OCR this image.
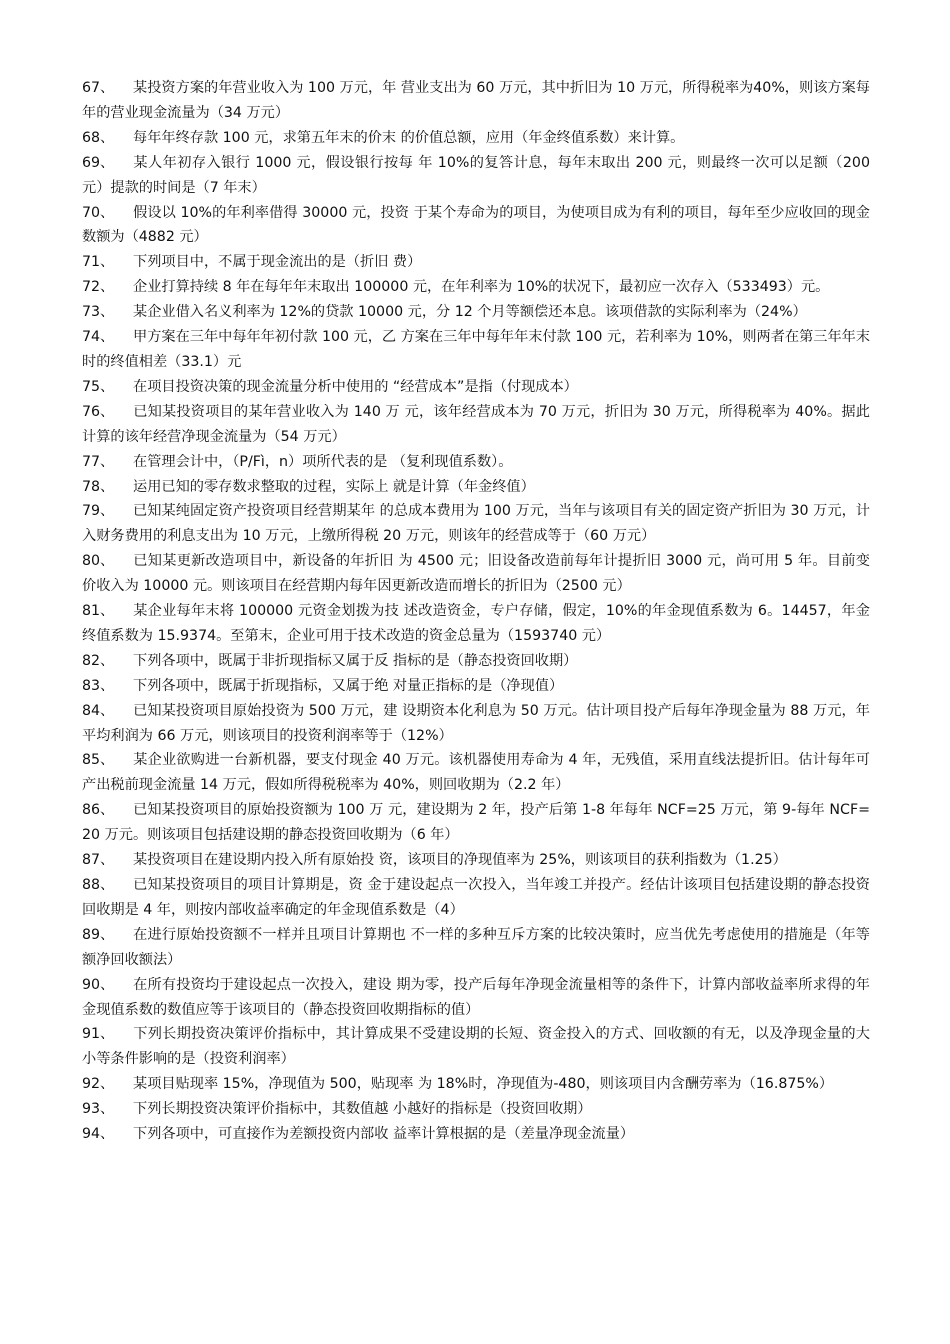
67、 某投资方案的年营业收入为 100 万元，年 营业支出为 60 万元，其中折旧为 10 万元，所得税率为40%，则该方案每年的营业现金流量为（34 万元）

68、 每年年终存款 100 元，求第五年末的价末 的价值总额，应用（年金终值系数）来计算。

69、 某人年初存入银行 1000 元，假设银行按每 年 10%的复答计息，每年末取出 200 元，则最终一次可以足额（200 元）提款的时间是（7 年末）

70、 假设以 10%的年利率借得 30000 元，投资 于某个寿命为的项目，为使项目成为有利的项目，每年至少应收回的现金数额为（4882 元）

71、 下列项目中，不属于现金流出的是（折旧 费）

72、 企业打算持续 8 年在每年年末取出 100000 元，在年利率为 10%的状况下，最初应一次存入（533493）元。

73、 某企业借入名义利率为 12%的贷款 10000 元，分 12 个月等额偿还本息。该项借款的实际利率为（24%）

74、 甲方案在三年中每年年初付款 100 元，乙 方案在三年中每年年末付款 100 元，若利率为 10%，则两者在第三年年末时的终值相差（33.1）元

75、 在项目投资决策的现金流量分析中使用的 “经营成本”是指（付现成本）

76、 已知某投资项目的某年营业收入为 140 万 元，该年经营成本为 70 万元，折旧为 30 万元，所得税率为 40%。据此计算的该年经营净现金流量为（54 万元）

77、 在管理会计中，（P/Fì，n）项所代表的是 （复利现值系数）。

78、 运用已知的零存数求整取的过程，实际上 就是计算（年金终值）

79、 已知某纯固定资产投资项目经营期某年 的总成本费用为 100 万元，当年与该项目有关的固定资产折旧为 30 万元，计入财务费用的利息支出为 10 万元，上缴所得税 20 万元，则该年的经营成等于（60 万元）

80、 已知某更新改造项目中，新设备的年折旧 为 4500 元；旧设备改造前每年计提折旧 3000 元，尚可用 5 年。目前变价收入为 10000 元。则该项目在经营期内每年因更新改造而增长的折旧为（2500 元）

81、 某企业每年末将 100000 元资金划拨为技 述改造资金，专户存储，假定，10%的年金现值系数为 6。14457，年金终值系数为 15.9374。至第末，企业可用于技术改造的资金总量为（1593740 元）

82、 下列各项中，既属于非折现指标又属于反 指标的是（静态投资回收期）

83、 下列各项中，既属于折现指标，又属于绝 对量正指标的是（净现值）

84、 已知某投资项目原始投资为 500 万元，建 设期资本化利息为 50 万元。估计项目投产后每年净现金量为 88 万元，年平均利润为 66 万元，则该项目的投资利润率等于（12%）

85、 某企业欲购进一台新机器，要支付现金 40 万元。该机器使用寿命为 4 年，无残值，采用直线法提折旧。估计每年可产出税前现金流量 14 万元，假如所得税税率为 40%，则回收期为（2.2 年）

86、 已知某投资项目的原始投资额为 100 万 元，建设期为 2 年，投产后第 1-8 年每年 NCF=25 万元，第 9-每年 NCF=20 万元。则该项目包括建设期的静态投资回收期为（6 年）

87、 某投资项目在建设期内投入所有原始投 资，该项目的净现值率为 25%，则该项目的获利指数为（1.25）

88、 已知某投资项目的项目计算期是，资 金于建设起点一次投入，当年竣工并投产。经估计该项目包括建设期的静态投资回收期是 4 年，则按内部收益率确定的年金现值系数是（4）

89、 在进行原始投资额不一样并且项目计算期也 不一样的多种互斥方案的比较决策时，应当优先考虑使用的措施是（年等额净回收额法）

90、 在所有投资均于建设起点一次投入，建设 期为零，投产后每年净现金流量相等的条件下，计算内部收益率所求得的年金现值系数的数值应等于该项目的（静态投资回收期指标的值）

91、 下列长期投资决策评价指标中，其计算成果不受建设期的长短、资金投入的方式、回收额的有无，以及净现金量的大小等条件影响的是（投资利润率）

92、 某项目贴现率 15%，净现值为 500，贴现率 为 18%时，净现值为-480，则该项目内含酬劳率为（16.875%）

93、 下列长期投资决策评价指标中，其数值越 小越好的指标是（投资回收期）

94、 下列各项中，可直接作为差额投资内部收 益率计算根据的是（差量净现金流量）
